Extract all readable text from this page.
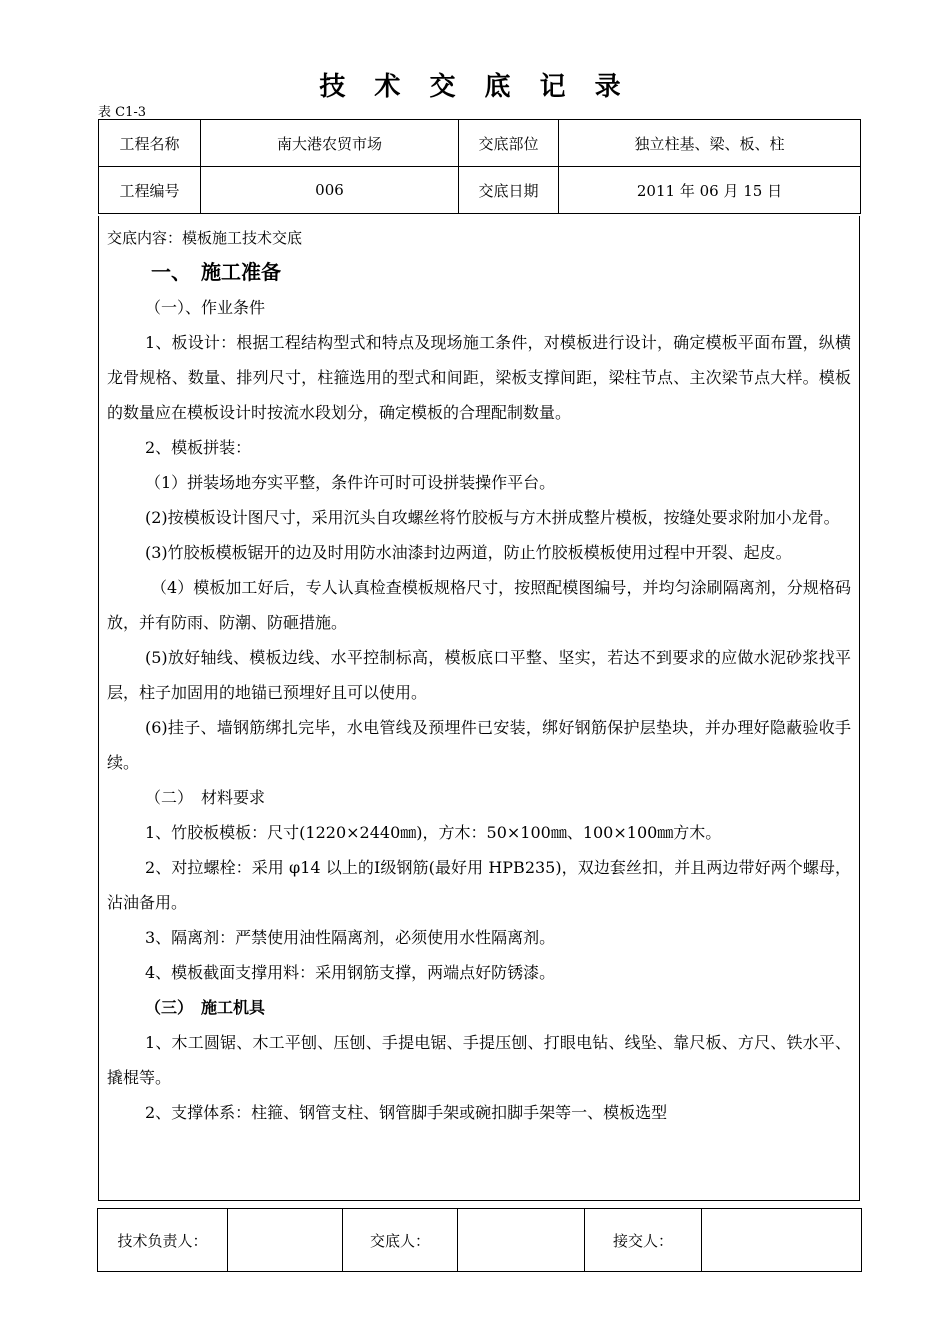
技 术 交 底 记 录
表 C1-3
工程名称	南大港农贸市场	交底部位	独立柱基、梁、板、柱
工程编号	006	交底日期	2011 年 06 月 15 日
交底内容：模板施工技术交底
一、　施工准备
（一）、作业条件
1、板设计：根据工程结构型式和特点及现场施工条件，对模板进行设计，确定模板平面布置，纵横龙骨规格、数量、排列尺寸，柱箍选用的型式和间距，梁板支撑间距，梁柱节点、主次梁节点大样。模板的数量应在模板设计时按流水段划分，确定模板的合理配制数量。
2、模板拼装：
（1）拼装场地夯实平整，条件许可时可设拼装操作平台。
(2)按模板设计图尺寸，采用沉头自攻螺丝将竹胶板与方木拼成整片模板，按缝处要求附加小龙骨。
(3)竹胶板模板锯开的边及时用防水油漆封边两道，防止竹胶板模板使用过程中开裂、起皮。
（4）模板加工好后，专人认真检查模板规格尺寸，按照配模图编号，并均匀涂刷隔离剂，分规格码放，并有防雨、防潮、防砸措施。
(5)放好轴线、模板边线、水平控制标高，模板底口平整、坚实，若达不到要求的应做水泥砂浆找平层，柱子加固用的地锚已预埋好且可以使用。
(6)挂子、墙钢筋绑扎完毕，水电管线及预埋件已安装，绑好钢筋保护层垫块，并办理好隐蔽验收手续。
（二）　材料要求
1、竹胶板模板：尺寸(1220×2440㎜)，方木：50×100㎜、100×100㎜方木。
2、对拉螺栓：采用 φ14 以上的Ⅰ级钢筋(最好用 HPB235)，双边套丝扣，并且两边带好两个螺母，沾油备用。
3、隔离剂：严禁使用油性隔离剂，必须使用水性隔离剂。
4、模板截面支撑用料：采用钢筋支撑，两端点好防锈漆。
（三）　施工机具
1、木工圆锯、木工平刨、压刨、手提电锯、手提压刨、打眼电钻、线坠、靠尺板、方尺、铁水平、撬棍等。
2、支撑体系：柱箍、钢管支柱、钢管脚手架或碗扣脚手架等一、模板选型
技术负责人：		交底人：		接交人：	
